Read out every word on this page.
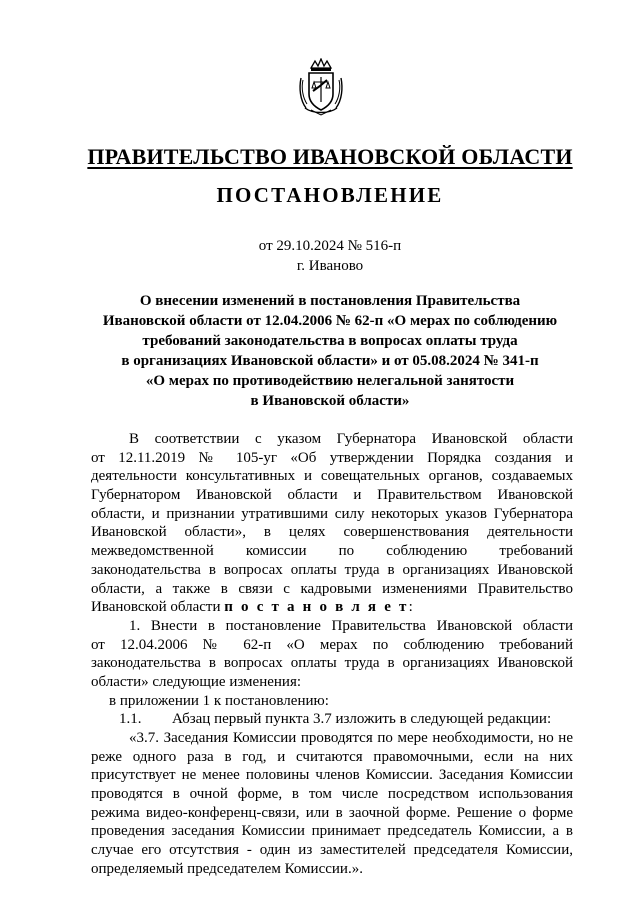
ПРАВИТЕЛЬСТВО ИВАНОВСКОЙ ОБЛАСТИ
ПОСТАНОВЛЕНИЕ
от 29.10.2024 № 516-п
г. Иваново
О внесении изменений в постановления Правительства
Ивановской области от 12.04.2006 № 62-п «О мерах по соблюдению
требований законодательства в вопросах оплаты труда
в организациях Ивановской области» и от 05.08.2024 № 341-п
«О мерах по противодействию нелегальной занятости
в Ивановской области»
В соответствии с указом Губернатора Ивановской области
от 12.11.2019 № 105-уг «Об утверждении Порядка создания и
деятельности консультативных и совещательных органов, создаваемых
Губернатором Ивановской области и Правительством Ивановской
области, и признании утратившими силу некоторых указов Губернатора
Ивановской области», в целях совершенствования деятельности
межведомственной комиссии по соблюдению требований
законодательства в вопросах оплаты труда в организациях Ивановской
области, а также в связи с кадровыми изменениями Правительство
Ивановской области п о с т а н о в л я е т:
1. Внести в постановление Правительства Ивановской области
от 12.04.2006 № 62-п «О мерах по соблюдению требований
законодательства в вопросах оплаты труда в организациях Ивановской
области» следующие изменения:
в приложении 1 к постановлению:
1.1. Абзац первый пункта 3.7 изложить в следующей редакции:
«3.7. Заседания Комиссии проводятся по мере необходимости, но не
реже одного раза в год, и считаются правомочными, если на них
присутствует не менее половины членов Комиссии. Заседания Комиссии
проводятся в очной форме, в том числе посредством использования
режима видео-конференц-связи, или в заочной форме. Решение о форме
проведения заседания Комиссии принимает председатель Комиссии, а в
случае его отсутствия - один из заместителей председателя Комиссии,
определяемый председателем Комиссии.».
